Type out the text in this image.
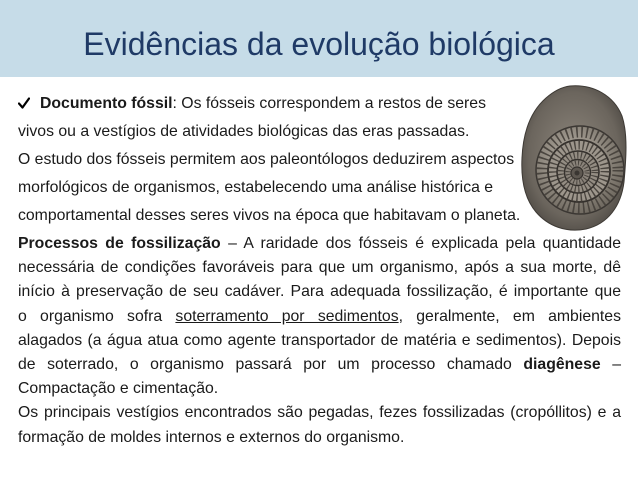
Evidências da evolução biológica
Documento fóssil: Os fósseis correspondem a restos de seres
vivos ou a vestígios de atividades biológicas das eras passadas.
O estudo dos fósseis permitem aos paleontólogos deduzirem aspectos
morfológicos de organismos, estabelecendo uma análise histórica e
comportamental desses seres vivos na época que habitavam o planeta.
Processos de fossilização – A raridade dos fósseis é explicada pela quantidade
necessária de condições favoráveis para que um organismo, após a sua morte, dê
início à preservação de seu cadáver. Para adequada fossilização, é importante que
o organismo sofra soterramento por sedimentos, geralmente, em ambientes
alagados (a água atua como agente transportador de matéria e sedimentos). Depois
de soterrado, o organismo passará por um processo chamado diagênese –
Compactação e cimentação.
Os principais vestígios encontrados são pegadas, fezes fossilizadas (cropóllitos) e a
formação de moldes internos e externos do organismo.
